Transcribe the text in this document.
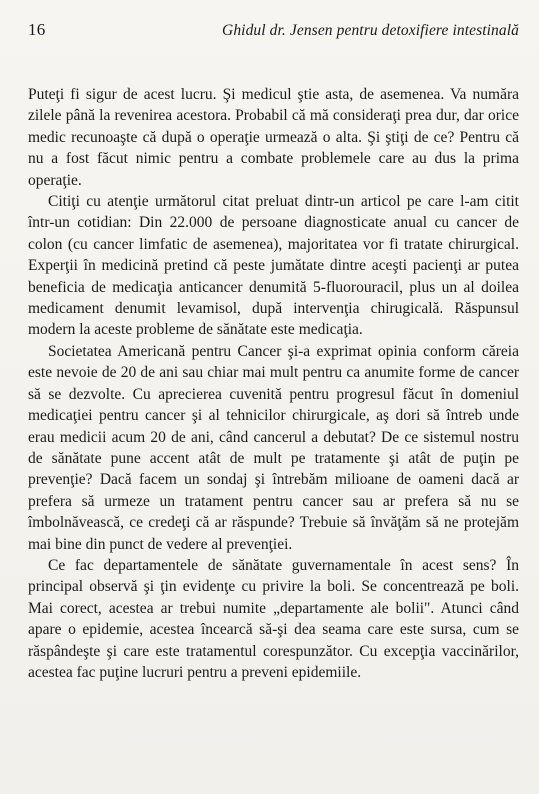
16	Ghidul dr. Jensen pentru detoxifiere intestinală

Puteţi fi sigur de acest lucru. Şi medicul ştie asta, de asemenea. Va număra zilele până la revenirea acestora. Probabil că mă consideraţi prea dur, dar orice medic recunoaşte că după o operaţie urmează o alta. Şi ştiţi de ce? Pentru că nu a fost făcut nimic pentru a combate problemele care au dus la prima operaţie.

Citiţi cu atenţie următorul citat preluat dintr-un articol pe care l-am citit într-un cotidian: Din 22.000 de persoane diagnosticate anual cu cancer de colon (cu cancer limfatic de asemenea), majoritatea vor fi tratate chirurgical. Experţii în medicină pretind că peste jumătate dintre aceşti pacienţi ar putea beneficia de medicaţia anticancer denumită 5-fluorouracil, plus un al doilea medicament denumit levamisol, după intervenţia chirugicală. Răspunsul modern la aceste probleme de sănătate este medicaţia.

Societatea Americană pentru Cancer şi-a exprimat opinia conform căreia este nevoie de 20 de ani sau chiar mai mult pentru ca anumite forme de cancer să se dezvolte. Cu aprecierea cuvenită pentru progresul făcut în domeniul medicaţiei pentru cancer şi al tehnicilor chirurgicale, aş dori să întreb unde erau medicii acum 20 de ani, când cancerul a debutat? De ce sistemul nostru de sănătate pune accent atât de mult pe tratamente şi atât de puţin pe prevenţie? Dacă facem un sondaj şi întrebăm milioane de oameni dacă ar prefera să urmeze un tratament pentru cancer sau ar prefera să nu se îmbolnăvească, ce credeţi că ar răspunde? Trebuie să învăţăm să ne protejăm mai bine din punct de vedere al prevenţiei.

Ce fac departamentele de sănătate guvernamentale în acest sens? În principal observă şi ţin evidenţe cu privire la boli. Se concentrează pe boli. Mai corect, acestea ar trebui numite „departamente ale bolii". Atunci când apare o epidemie, acestea încearcă să-şi dea seama care este sursa, cum se răspândeşte şi care este tratamentul corespunzător. Cu excepţia vaccinărilor, acestea fac puţine lucruri pentru a preveni epidemiile.
